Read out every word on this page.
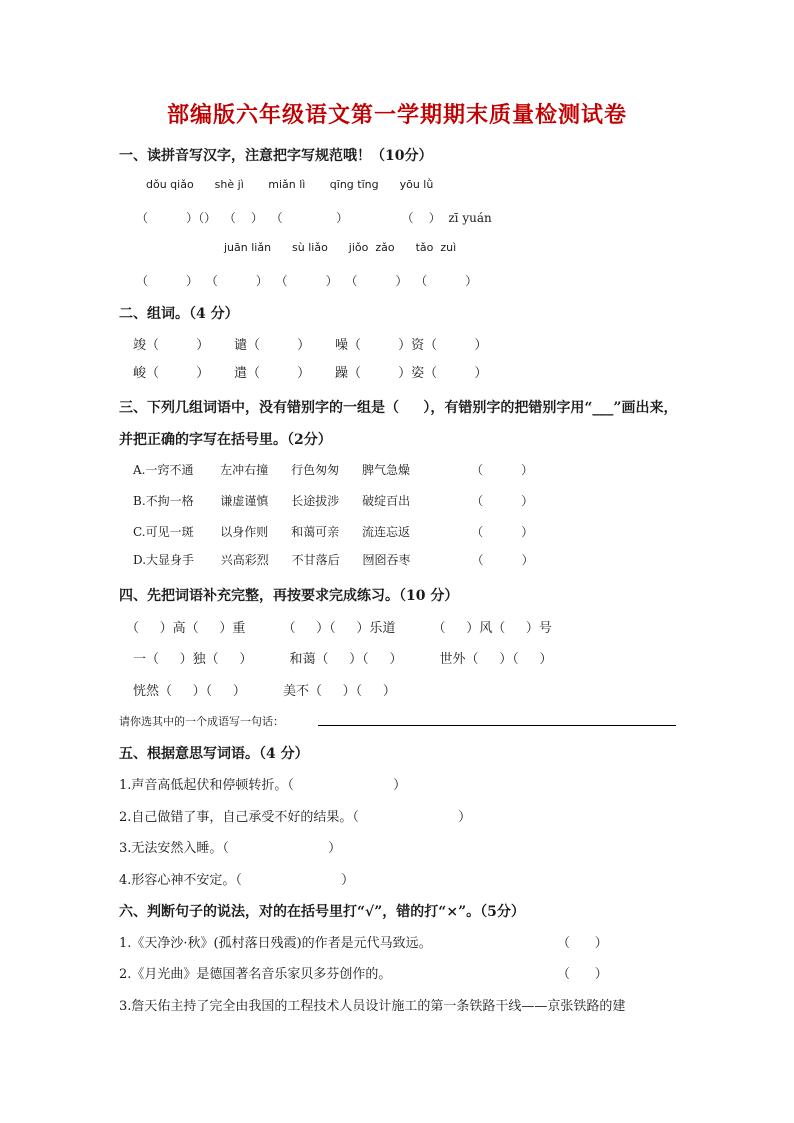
部编版六年级语文第一学期期末质量检测试卷
一、读拼音写汉字，注意把字写规范哦！（10分）
dǒu qiǎo      shè jì       miǎn lì       qīng tīng      yōu lǜ
（          ）（）  （    ）  （              ）              （    ）  zī yuán
juān liǎn      sù liǎo      jiǒo  zǎo      tǎo  zuì
（          ）  （          ）  （          ）  （          ）  （          ）
二、组词。（4 分）
竣（         ）      谴（         ）      噪（         ）资（         ）
峻（         ）      遣（         ）      躁（         ）姿（         ）
三、下列几组词语中，没有错别字的一组是（     ），有错别字的把错别字用“___”画出来，
并把正确的字写在括号里。（2分）
A.一窍不通       左冲右撞      行色匆匆      脾气急燥                （          ）
B.不拘一格       谦虚谨慎      长途拔涉      破绽百出                （          ）
C.可见一斑       以身作则      和蔼可亲      流连忘返                （          ）
D.大显身手       兴高彩烈      不甘落后      囫囵吞枣                （          ）
四、先把词语补充完整，再按要求完成练习。（10 分）
（     ）高（     ）重         （     ）（     ）乐道         （     ）风（     ）号
一（     ）独（     ）         和蔼（     ）（     ）         世外（     ）（     ）
恍然（     ）（     ）         美不（     ）（     ）
请你选其中的一个成语写一句话：
五、根据意思写词语。（4 分）
1.声音高低起伏和停顿转折。（                        ）
2.自己做错了事，自己承受不好的结果。（                        ）
3.无法安然入睡。（                        ）
4.形容心神不安定。（                        ）
六、判断句子的说法，对的在括号里打“√”，错的打“×”。（5分）
1.《天净沙·秋》(孤村落日残霞)的作者是元代马致远。	（      ）
2.《月光曲》是德国著名音乐家贝多芬创作的。	（      ）
3.詹天佑主持了完全由我国的工程技术人员设计施工的第一条铁路干线——京张铁路的建
